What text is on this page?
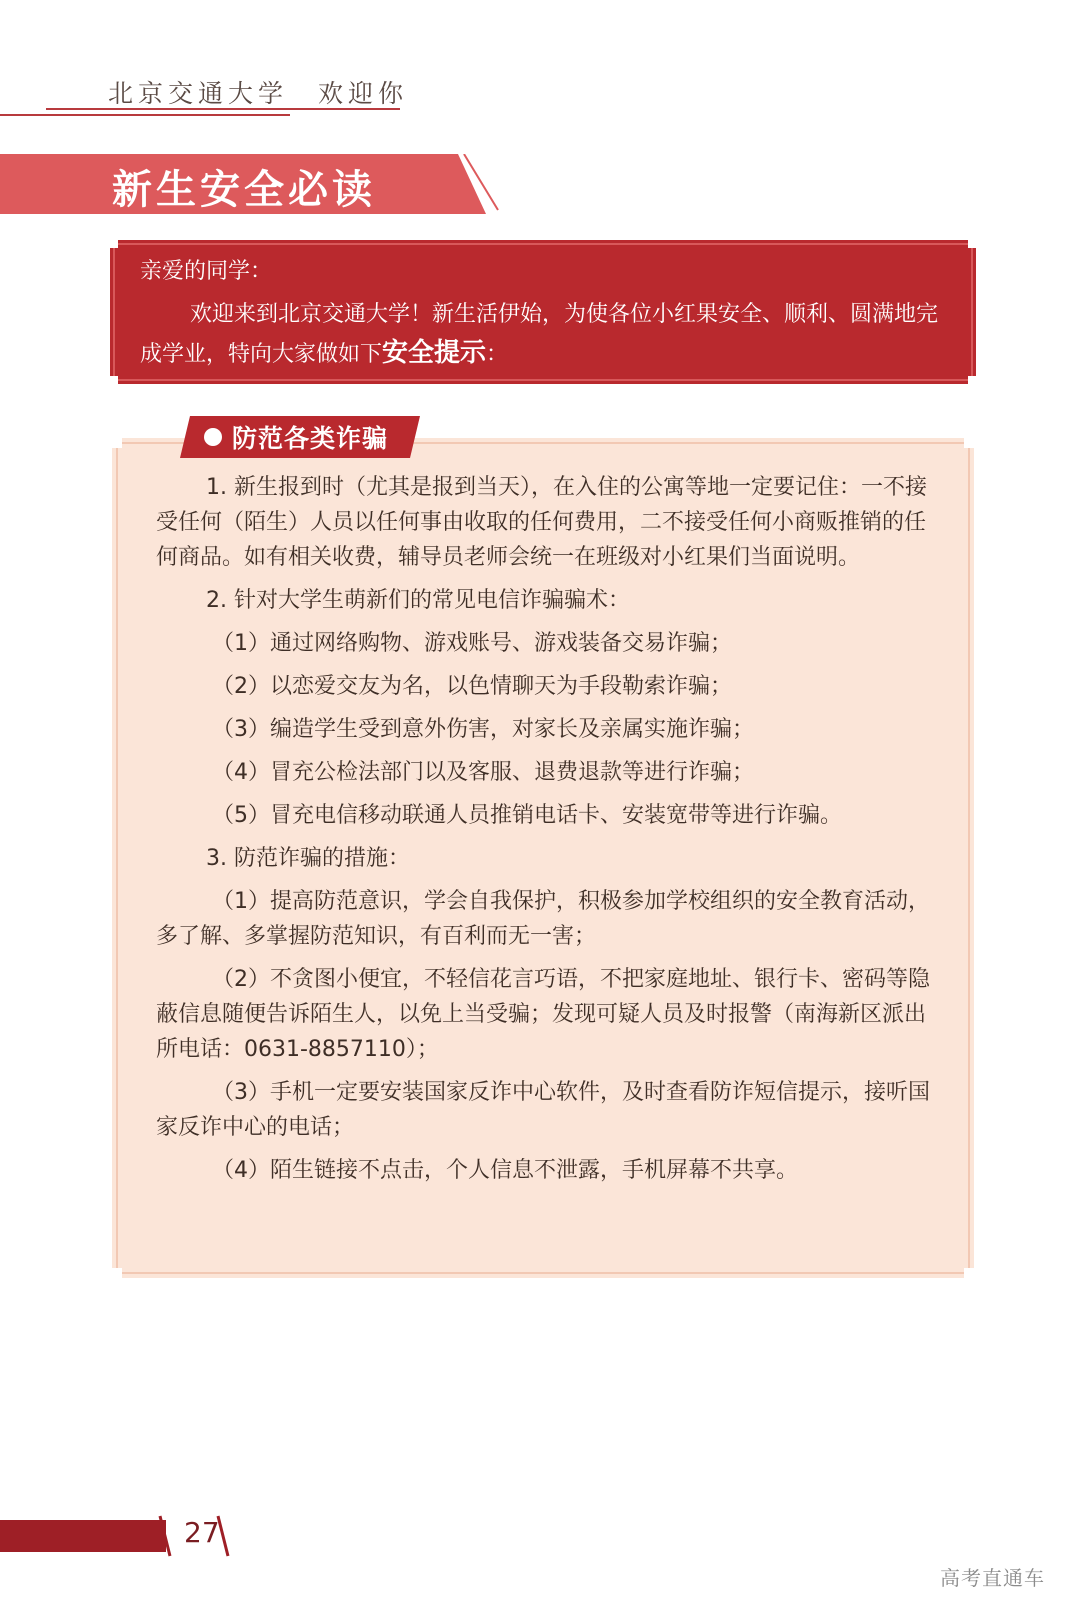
北京交通大学　欢迎你
新生安全必读
亲爱的同学：
欢迎来到北京交通大学！新生活伊始，为使各位小红果安全、顺利、圆满地完成学业，特向大家做如下安全提示：
防范各类诈骗

1. 新生报到时（尤其是报到当天），在入住的公寓等地一定要记住：一不接受任何（陌生）人员以任何事由收取的任何费用，二不接受任何小商贩推销的任何商品。如有相关收费，辅导员老师会统一在班级对小红果们当面说明。

2. 针对大学生萌新们的常见电信诈骗骗术：

（1）通过网络购物、游戏账号、游戏装备交易诈骗；

（2）以恋爱交友为名，以色情聊天为手段勒索诈骗；

（3）编造学生受到意外伤害，对家长及亲属实施诈骗；

（4）冒充公检法部门以及客服、退费退款等进行诈骗；

（5）冒充电信移动联通人员推销电话卡、安装宽带等进行诈骗。

3. 防范诈骗的措施：

（1）提高防范意识，学会自我保护，积极参加学校组织的安全教育活动，多了解、多掌握防范知识，有百利而无一害；

（2）不贪图小便宜，不轻信花言巧语，不把家庭地址、银行卡、密码等隐蔽信息随便告诉陌生人，以免上当受骗；发现可疑人员及时报警（南海新区派出所电话：0631-8857110）；

（3）手机一定要安装国家反诈中心软件，及时查看防诈短信提示，接听国家反诈中心的电话；

（4）陌生链接不点击，个人信息不泄露，手机屏幕不共享。

27
高考直通车
